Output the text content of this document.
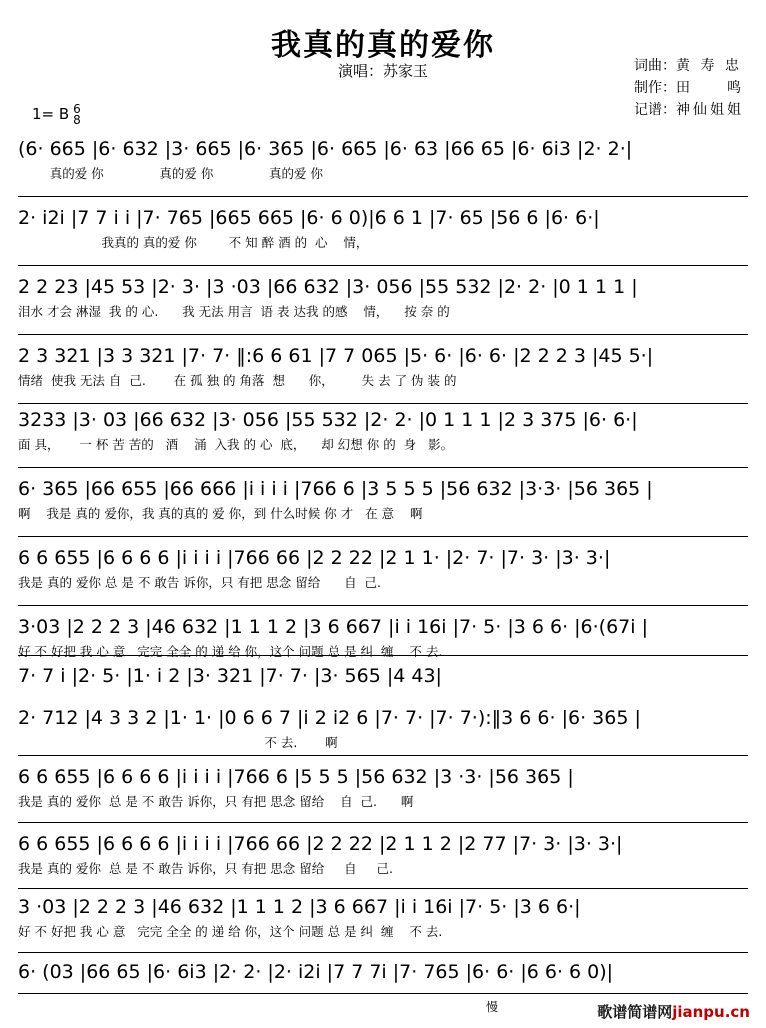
我真的真的爱你
演唱：苏家玉	词曲：黄 寿 忠
制作：田　　鸣
记谱：神仙姐姐
1= B 6
8
(6· 665 |6· 632 |3· 665 |6· 365 |6· 665 |6· 63 |66 65 |6· 6i3 |2· 2·|
真的爱 你              真的爱 你              真的爱 你
2· i2i |7 7 i i |7· 765 |665 665 |6· 6 0)|6 6 1 |7· 65 |56 6 |6· 6·|
我真的 真的爱 你        不 知 醉 酒 的  心    情，
2 2 23 |45 53 |2· 3· |3 ·03 |66 632 |3· 056 |55 532 |2· 2· |0 1 1 1 |
泪水 才会 淋湿  我 的 心.      我 无法 用言  语 表 达我 的感    情，    按 奈 的
2 3 321 |3 3 321 |7· 7· ‖:6 6 61 |7 7 065 |5· 6· |6· 6· |2 2 2 3 |45 5·|
情绪  使我 无法 自  己.       在 孤 独 的 角落  想      你，       失 去 了 伪 装 的
3233 |3· 03 |66 632 |3· 056 |55 532 |2· 2· |0 1 1 1 |2 3 375 |6· 6·|
面 具，     一 杯 苦 苦的   酒    涌  入我 的 心  底，    却 幻想 你 的  身   影。
6· 365 |66 655 |66 666 |i i i i |766 6 |3 5 5 5 |56 632 |3·3· |56 365 |
啊    我是 真的 爱你，我 真的真的 爱 你，到 什么时候 你 才   在 意    啊
6 6 655 |6 6 6 6 |i i i i |766 66 |2 2 22 |2 1 1· |2· 7· |7· 3· |3· 3·|
我是 真的 爱你 总 是 不 敢告 诉你，只 有把 思念 留给      自  己.
3·03 |2 2 2 3 |46 632 |1 1 1 2 |3 6 667 |i i 16i |7· 5· |3 6 6· |6·(67i |
好 不 好把 我 心 意   完完 全全 的 递 给 你，这个 问题 总 是 纠  缠    不 去.
7· 7 i |2· 5· |1· i 2 |3· 321 |7· 7· |3· 565 |4 43|
2· 712 |4 3 3 2 |1· 1· |0 6 6 7 |i 2 i2 6 |7· 7· |7· 7·):‖3 6 6· |6· 365 |
不 去.       啊
6 6 655 |6 6 6 6 |i i i i |766 6 |5 5 5 |56 632 |3 ·3· |56 365 |
我是 真的 爱你  总 是 不 敢告 诉你，只 有把 思念 留给    自  己.      啊
6 6 655 |6 6 6 6 |i i i i |766 66 |2 2 22 |2 1 1 2 |2 77 |7· 3· |3· 3·|
我是 真的 爱你  总 是 不 敢告 诉你，只 有把 思念 留给     自     己.
3 ·03 |2 2 2 3 |46 632 |1 1 1 2 |3 6 667 |i i 16i |7· 5· |3 6 6·|
好 不 好把 我 心 意   完完 全全 的 递 给 你，这个 问题 总 是 纠  缠    不 去.
6· (03 |66 65 |6· 6i3 |2· 2· |2· i2i |7 7 7i |7· 765 |6· 6· |6 6· 6 0)|
慢	歌谱简谱网jianpu.cn
